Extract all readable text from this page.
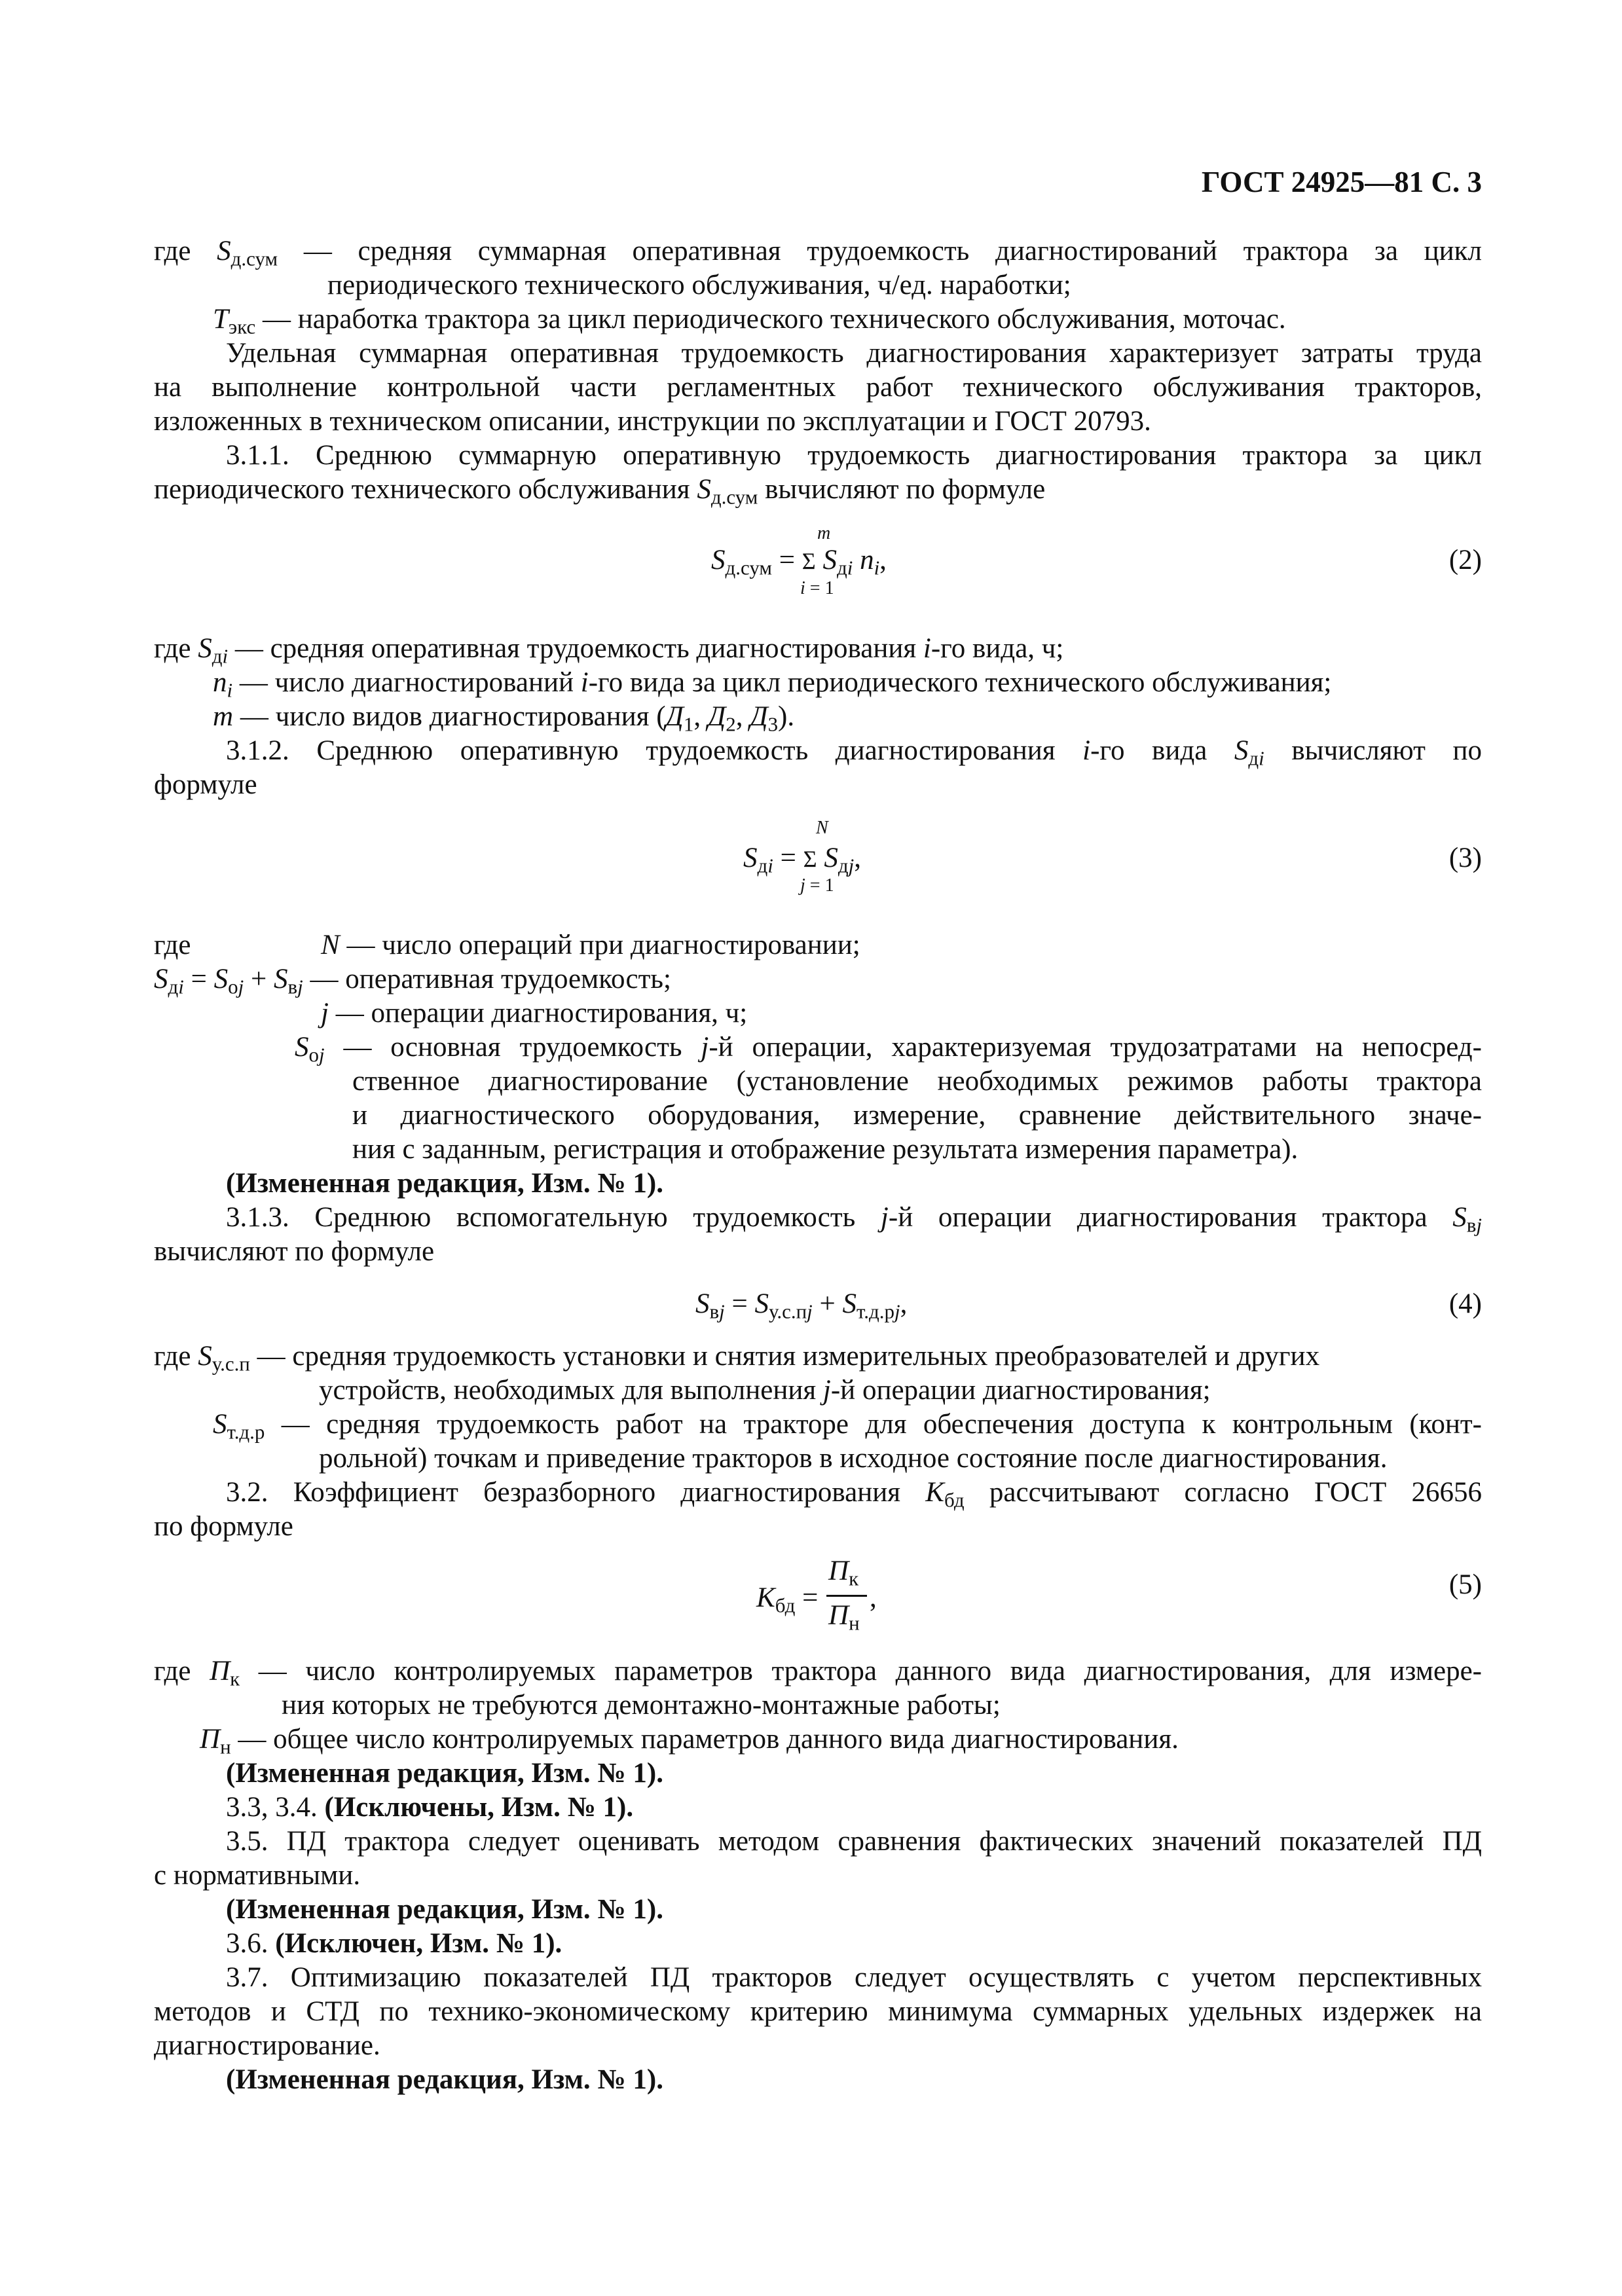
ГОСТ 24925—81 С. 3
где $S_{д.сум}$ — средняя суммарная оперативная трудоемкость диагностирований трактора за цикл
периодического технического обслуживания, ч/ед. наработки;
$T_{экс}$ — наработка трактора за цикл периодического технического обслуживания, моточас.
Удельная суммарная оперативная трудоемкость диагностирования характеризует затраты труда
на выполнение контрольной части регламентных работ технического обслуживания тракторов,
изложенных в техническом описании, инструкции по эксплуатации и ГОСТ 20793.
3.1.1. Среднюю суммарную оперативную трудоемкость диагностирования трактора за цикл
периодического технического обслуживания $S_{д.сум}$ вычисляют по формуле
m
$S_{д.сум} = \Sigma$ $S_{дi}$ $n_i$,
i = 1
(2)
где $S_{дi}$ — средняя оперативная трудоемкость диагностирования i-го вида, ч;
$n_i$ — число диагностирований i-го вида за цикл периодического технического обслуживания;
m — число видов диагностирования ($Д_1$, $Д_2$, $Д_3$).
3.1.2. Среднюю оперативную трудоемкость диагностирования i-го вида $S_{дi}$ вычисляют по
формуле
N
$S_{дi} = \Sigma$ $S_{дj}$,
j = 1
(3)
где	N — число операций при диагностировании;
$S_{дi} = S_{оj} + S_{вj}$ — оперативная трудоемкость;
j — операции диагностирования, ч;
$S_{оj}$ — основная трудоемкость j-й операции, характеризуемая трудозатратами на непосред-
ственное диагностирование (установление необходимых режимов работы трактора
и диагностического оборудования, измерение, сравнение действительного значе-
ния с заданным, регистрация и отображение результата измерения параметра).
(Измененная редакция, Изм. № 1).
3.1.3. Среднюю вспомогательную трудоемкость j-й операции диагностирования трактора $S_{вj}$
вычисляют по формуле
$S_{вj} = S_{у.с.пj} + S_{т.д.рj}$,	(4)
где $S_{у.с.п}$ — средняя трудоемкость установки и снятия измерительных преобразователей и других
устройств, необходимых для выполнения j-й операции диагностирования;
$S_{т.д.р}$ — средняя трудоемкость работ на тракторе для обеспечения доступа к контрольным (конт-
рольной) точкам и приведение тракторов в исходное состояние после диагностирования.
3.2. Коэффициент безразборного диагностирования $K_{бд}$ рассчитывают согласно ГОСТ 26656
по формуле
$K_{бд}$ =
$П_к$
$П_н$
,	(5)
где $П_к$ — число контролируемых параметров трактора данного вида диагностирования, для измере-
ния которых не требуются демонтажно-монтажные работы;
$П_н$ — общее число контролируемых параметров данного вида диагностирования.
(Измененная редакция, Изм. № 1).
3.3, 3.4. (Исключены, Изм. № 1).
3.5. ПД трактора следует оценивать методом сравнения фактических значений показателей ПД
с нормативными.
(Измененная редакция, Изм. № 1).
3.6. (Исключен, Изм. № 1).
3.7. Оптимизацию показателей ПД тракторов следует осуществлять с учетом перспективных
методов и СТД по технико-экономическому критерию минимума суммарных удельных издержек на
диагностирование.
(Измененная редакция, Изм. № 1).
